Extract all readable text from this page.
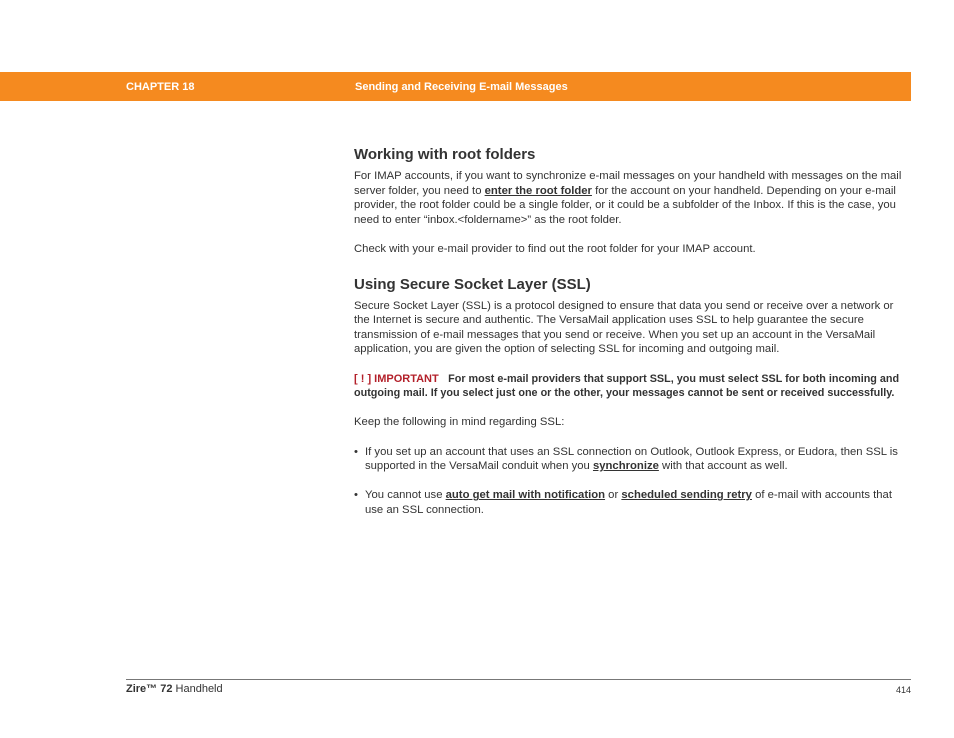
CHAPTER 18	Sending and Receiving E-mail Messages
Working with root folders

For IMAP accounts, if you want to synchronize e-mail messages on your handheld with messages on the mail server folder, you need to enter the root folder for the account on your handheld. Depending on your e-mail provider, the root folder could be a single folder, or it could be a subfolder of the Inbox. If this is the case, you need to enter “inbox.<foldername>” as the root folder.

Check with your e-mail provider to find out the root folder for your IMAP account.

Using Secure Socket Layer (SSL)

Secure Socket Layer (SSL) is a protocol designed to ensure that data you send or receive over a network or the Internet is secure and authentic. The VersaMail application uses SSL to help guarantee the secure transmission of e-mail messages that you send or receive. When you set up an account in the VersaMail application, you are given the option of selecting SSL for incoming and outgoing mail.

[ ! ] IMPORTANT For most e-mail providers that support SSL, you must select SSL for both incoming and outgoing mail. If you select just one or the other, your messages cannot be sent or received successfully.

Keep the following in mind regarding SSL:

• If you set up an account that uses an SSL connection on Outlook, Outlook Express, or Eudora, then SSL is supported in the VersaMail conduit when you synchronize with that account as well.
• You cannot use auto get mail with notification or scheduled sending retry of e-mail with accounts that use an SSL connection.
Zire™ 72 Handheld	414
